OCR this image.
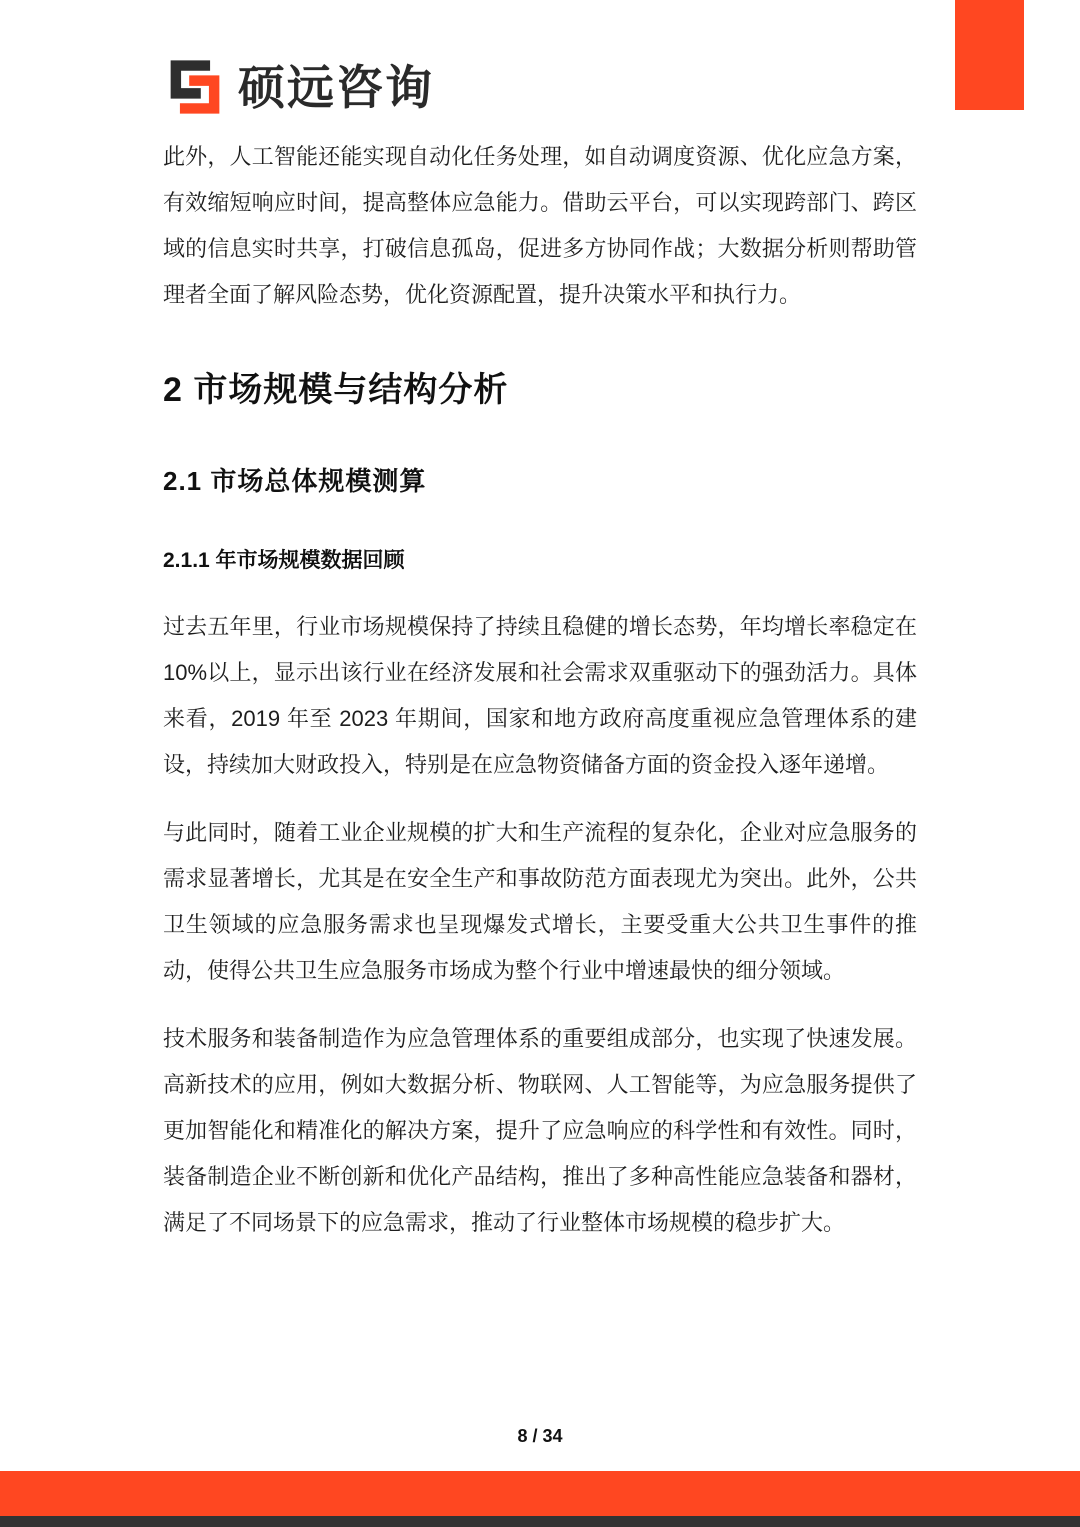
硕远咨询

此外，人工智能还能实现自动化任务处理，如自动调度资源、优化应急方案，有效缩短响应时间，提高整体应急能力。借助云平台，可以实现跨部门、跨区域的信息实时共享，打破信息孤岛，促进多方协同作战；大数据分析则帮助管理者全面了解风险态势，优化资源配置，提升决策水平和执行力。

2 市场规模与结构分析
2.1 市场总体规模测算
2.1.1 年市场规模数据回顾

过去五年里，行业市场规模保持了持续且稳健的增长态势，年均增长率稳定在10%以上，显示出该行业在经济发展和社会需求双重驱动下的强劲活力。具体来看，2019 年至 2023 年期间，国家和地方政府高度重视应急管理体系的建设，持续加大财政投入，特别是在应急物资储备方面的资金投入逐年递增。

与此同时，随着工业企业规模的扩大和生产流程的复杂化，企业对应急服务的需求显著增长，尤其是在安全生产和事故防范方面表现尤为突出。此外，公共卫生领域的应急服务需求也呈现爆发式增长，主要受重大公共卫生事件的推动，使得公共卫生应急服务市场成为整个行业中增速最快的细分领域。

技术服务和装备制造作为应急管理体系的重要组成部分，也实现了快速发展。高新技术的应用，例如大数据分析、物联网、人工智能等，为应急服务提供了更加智能化和精准化的解决方案，提升了应急响应的科学性和有效性。同时，装备制造企业不断创新和优化产品结构，推出了多种高性能应急装备和器材，满足了不同场景下的应急需求，推动了行业整体市场规模的稳步扩大。

8 / 34
